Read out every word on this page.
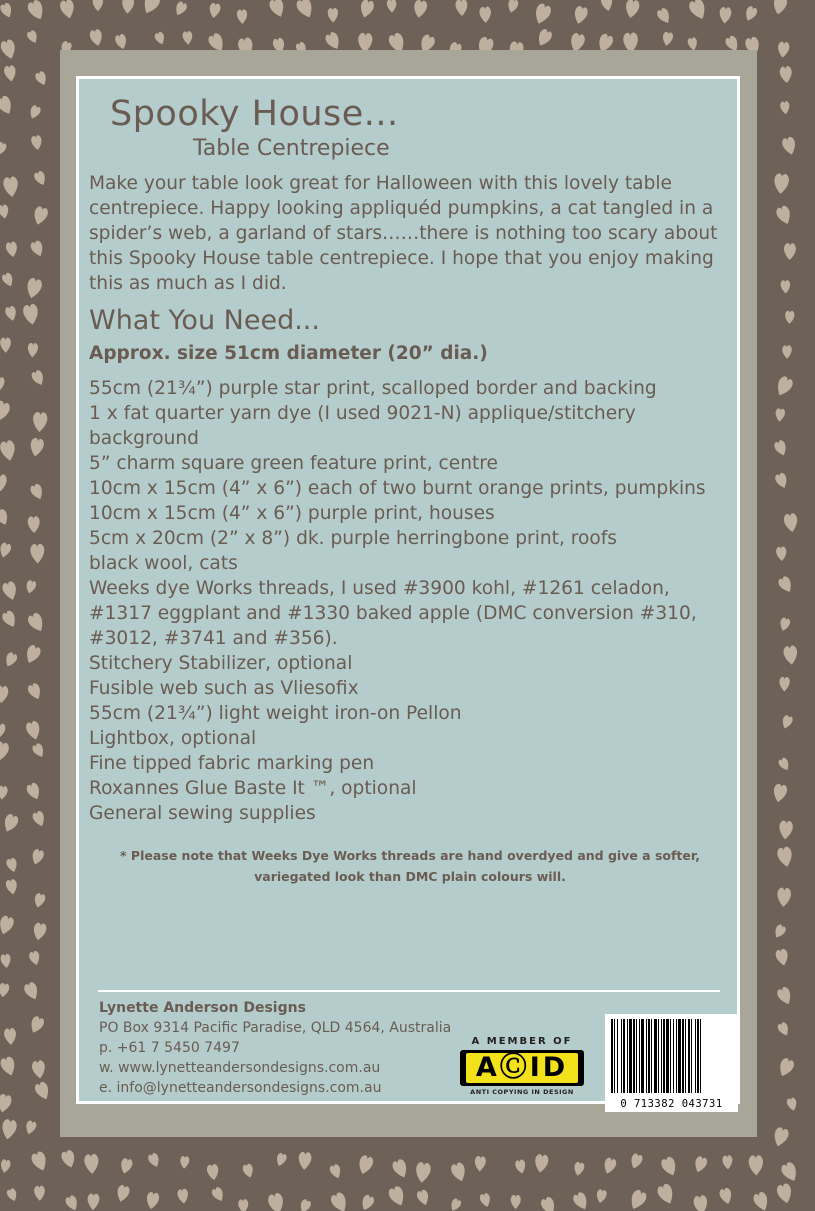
Spooky House...
Table Centrepiece

Make your table look great for Halloween with this lovely table centrepiece. Happy looking appliquéd pumpkins, a cat tangled in a spider’s web, a garland of stars……there is nothing too scary about this Spooky House table centrepiece. I hope that you enjoy making this as much as I did.

What You Need...
Approx. size 51cm diameter (20” dia.)
55cm (21¾”) purple star print, scalloped border and backing
1 x fat quarter yarn dye (I used 9021-N) applique/stitchery background
5” charm square green feature print, centre
10cm x 15cm (4” x 6”) each of two burnt orange prints, pumpkins
10cm x 15cm (4” x 6”) purple print, houses
5cm x 20cm (2” x 8”) dk. purple herringbone print, roofs
black wool, cats
Weeks dye Works threads, I used #3900 kohl, #1261 celadon, #1317 eggplant and #1330 baked apple (DMC conversion #310, #3012, #3741 and #356).
Stitchery Stabilizer, optional
Fusible web such as Vliesofix
55cm (21¾”) light weight iron-on Pellon
Lightbox, optional
Fine tipped fabric marking pen
Roxannes Glue Baste It ™, optional
General sewing supplies
* Please note that Weeks Dye Works threads are hand overdyed and give a softer, variegated look than DMC plain colours will.
Lynette Anderson Designs
PO Box 9314 Pacific Paradise, QLD 4564, Australia
p. +61 7 5450 7497
w. www.lynetteandersondesigns.com.au
e. info@lynetteandersondesigns.com.au
A MEMBER OF
AⒸID
ANTI COPYING IN DESIGN
0 713382 043731
